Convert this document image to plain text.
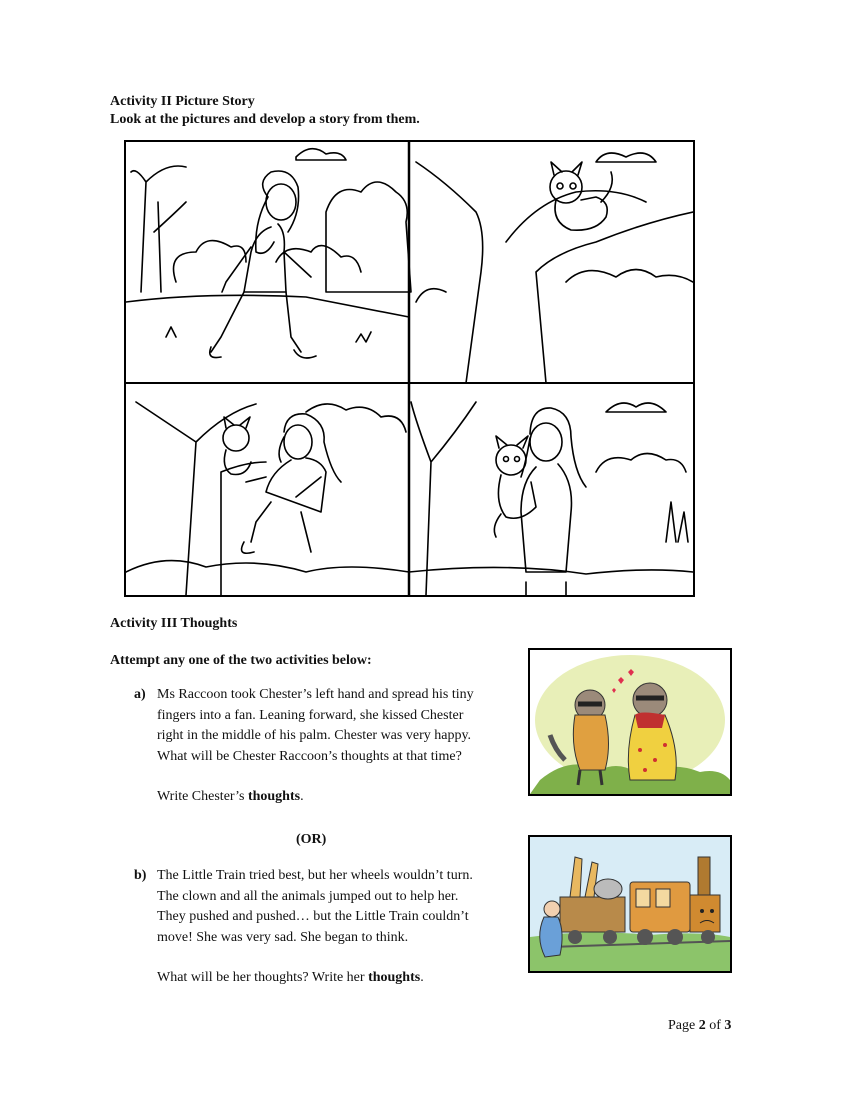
Activity II Picture Story
Look at the pictures and develop a story from them.
Activity III Thoughts
Attempt any one of the two activities below:
a) Ms Raccoon took Chester’s left hand and spread his tiny
fingers into a fan. Leaning forward, she kissed Chester
right in the middle of his palm. Chester was very happy.
What will be Chester Raccoon’s thoughts at that time?
Write Chester’s thoughts.
(OR)
b) The Little Train tried best, but her wheels wouldn’t turn.
The clown and all the animals jumped out to help her.
They pushed and pushed… but the Little Train couldn’t
move! She was very sad. She began to think.
What will be her thoughts? Write her thoughts.
Page 2 of 3
